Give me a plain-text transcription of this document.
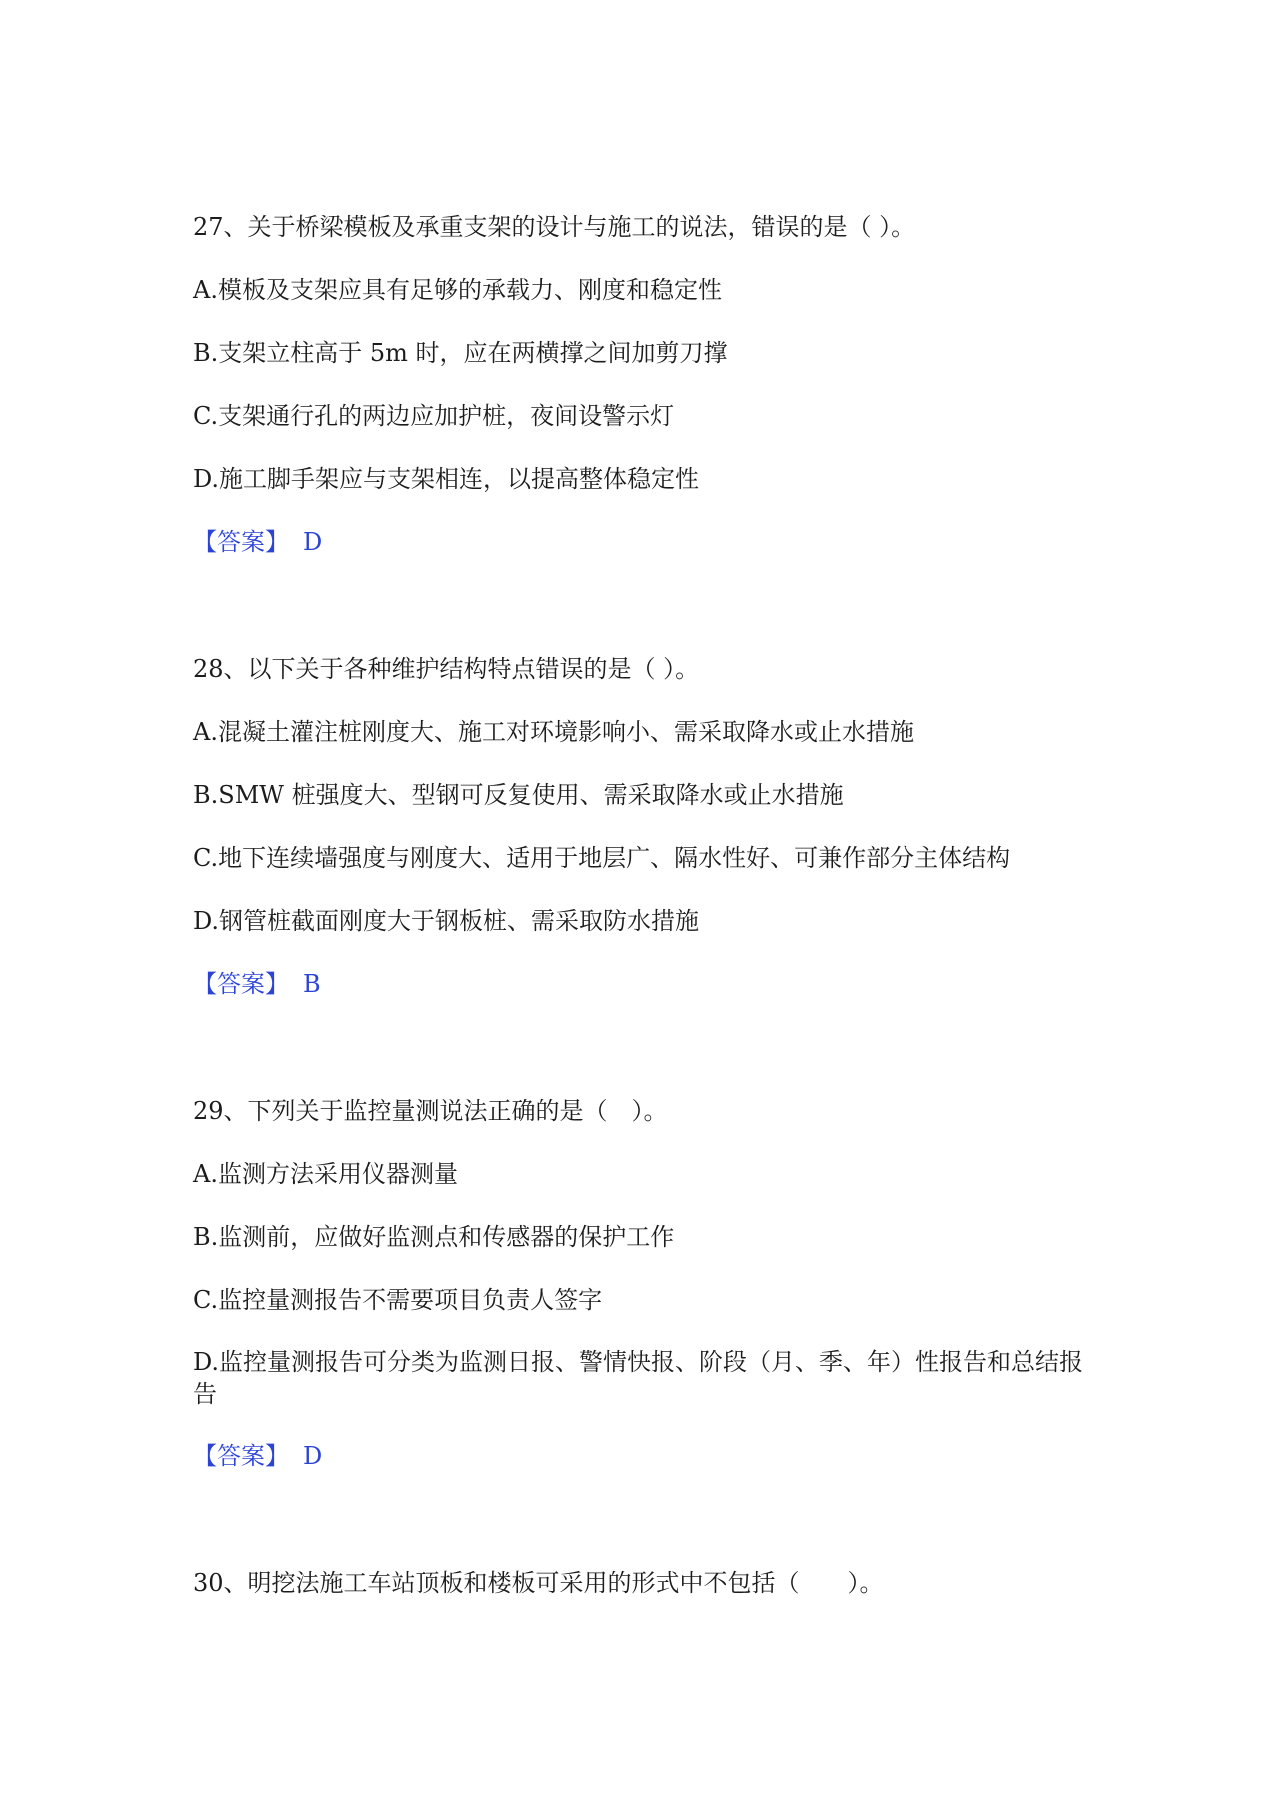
27、关于桥梁模板及承重支架的设计与施工的说法，错误的是（ ）。

A.模板及支架应具有足够的承载力、刚度和稳定性

B.支架立柱高于 5m 时，应在两横撑之间加剪刀撑

C.支架通行孔的两边应加护桩，夜间设警示灯

D.施工脚手架应与支架相连，以提高整体稳定性

【答案】 D

28、以下关于各种维护结构特点错误的是（ ）。

A.混凝土灌注桩刚度大、施工对环境影响小、需采取降水或止水措施

B.SMW 桩强度大、型钢可反复使用、需采取降水或止水措施

C.地下连续墙强度与刚度大、适用于地层广、隔水性好、可兼作部分主体结构

D.钢管桩截面刚度大于钢板桩、需采取防水措施

【答案】 B

29、下列关于监控量测说法正确的是（　）。

A.监测方法采用仪器测量

B.监测前，应做好监测点和传感器的保护工作

C.监控量测报告不需要项目负责人签字

D.监控量测报告可分类为监测日报、警情快报、阶段（月、季、年）性报告和总结报告

【答案】 D

30、明挖法施工车站顶板和楼板可采用的形式中不包括（　　）。
